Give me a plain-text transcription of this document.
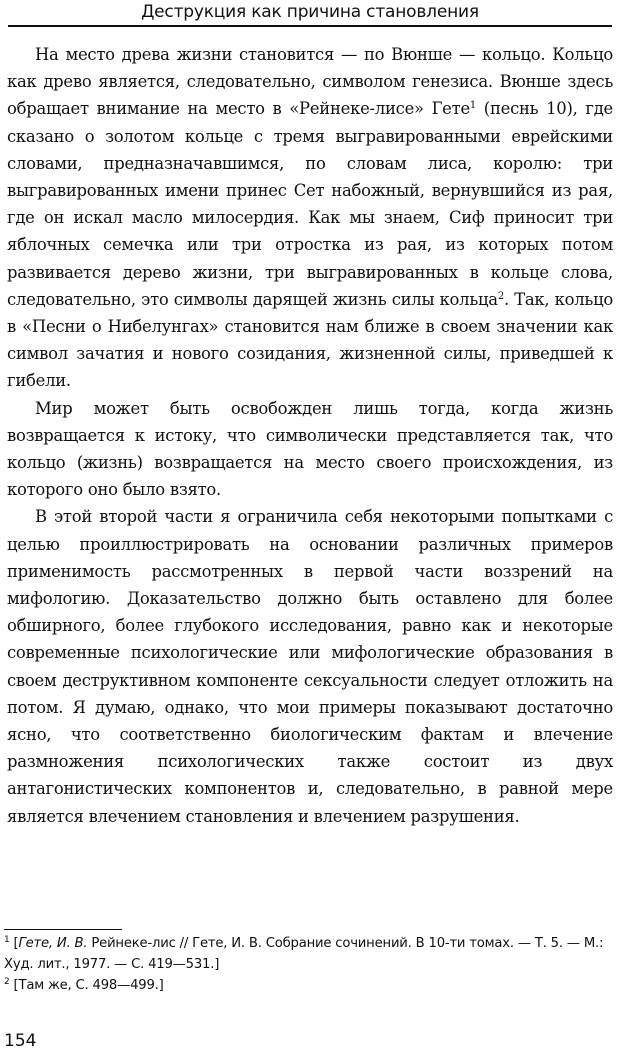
Деструкция как причина становления

На место древа жизни становится — по Вюнше — кольцо. Кольцо как древо является, следовательно, символом генезиса. Вюнше здесь обращает внимание на место в «Рейнеке-лисе» Гете$^1$ (песнь 10), где сказано о золотом кольце с тремя выгравированными еврейскими словами, предназначавшимся, по словам лиса, королю: три выгравированных имени принес Сет набожный, вернувшийся из рая, где он искал масло милосердия. Как мы знаем, Сиф приносит три яблочных семечка или три отростка из рая, из которых потом развивается дерево жизни, три выгравированных в кольце слова, следовательно, это символы дарящей жизнь силы кольца$^2$. Так, кольцо в «Песни о Нибелунгах» становится нам ближе в своем значении как символ зачатия и нового созидания, жизненной силы, приведшей к гибели.

Мир может быть освобожден лишь тогда, когда жизнь возвращается к истоку, что символически представляется так, что кольцо (жизнь) возвращается на место своего происхождения, из которого оно было взято.

В этой второй части я ограничила себя некоторыми попытками с целью проиллюстрировать на основании различных примеров применимость рассмотренных в первой части воззрений на мифологию. Доказательство должно быть оставлено для более обширного, более глубокого исследования, равно как и некоторые современные психологические или мифологические образования в своем деструктивном компоненте сексуальности следует отложить на потом. Я думаю, однако, что мои примеры показывают достаточно ясно, что соответственно биологическим фактам и влечение размножения психологических также состоит из двух антагонистических компонентов и, следовательно, в равной мере является влечением становления и влечением разрушения.

$^1$ [Гете, И. В. Рейнеке-лис // Гете, И. В. Собрание сочинений. В 10-ти томах. — Т. 5. — М.: Худ. лит., 1977. — С. 419—531.]

$^2$ [Там же, С. 498—499.]

154
